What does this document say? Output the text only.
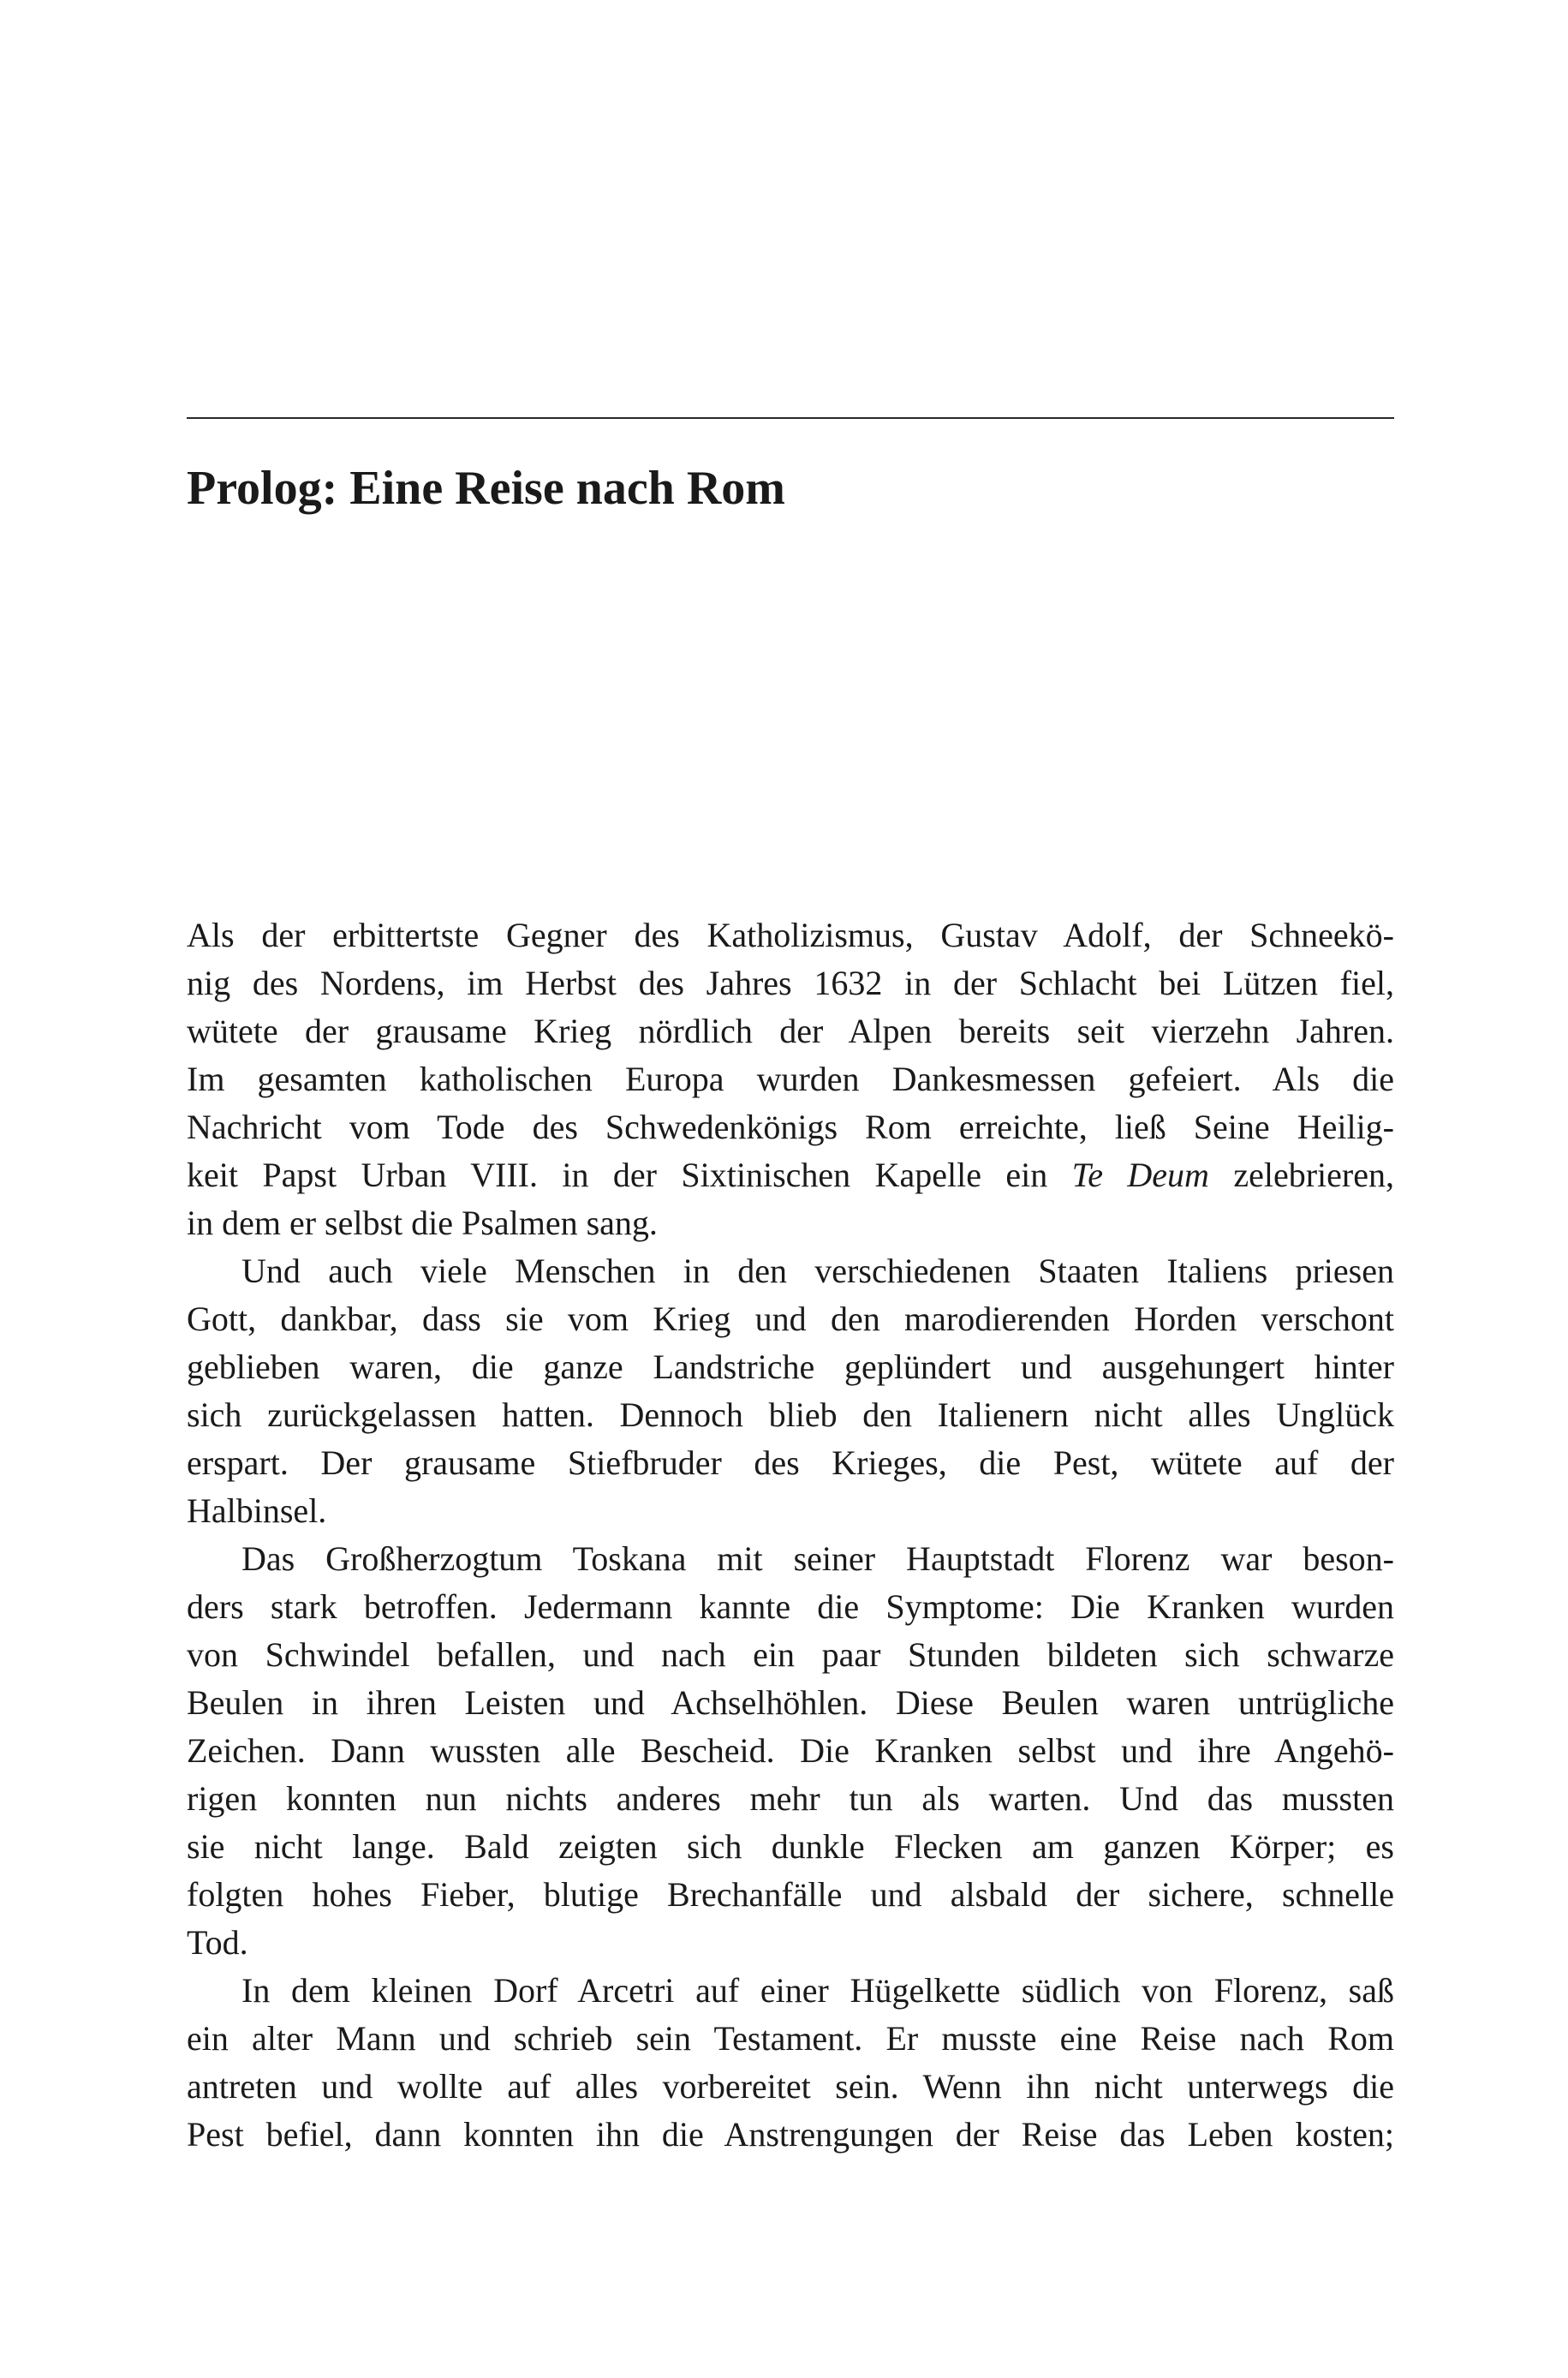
Prolog: Eine Reise nach Rom
Als der erbittertste Gegner des Katholizismus, Gustav Adolf, der Schneekö-
nig des Nordens, im Herbst des Jahres 1632 in der Schlacht bei Lützen fiel,
wütete der grausame Krieg nördlich der Alpen bereits seit vierzehn Jahren.
Im gesamten katholischen Europa wurden Dankesmessen gefeiert. Als die
Nachricht vom Tode des Schwedenkönigs Rom erreichte, ließ Seine Heilig-
keit Papst Urban VIII. in der Sixtinischen Kapelle ein Te Deum zelebrieren,
in dem er selbst die Psalmen sang.
Und auch viele Menschen in den verschiedenen Staaten Italiens priesen
Gott, dankbar, dass sie vom Krieg und den marodierenden Horden verschont
geblieben waren, die ganze Landstriche geplündert und ausgehungert hinter
sich zurückgelassen hatten. Dennoch blieb den Italienern nicht alles Unglück
erspart. Der grausame Stiefbruder des Krieges, die Pest, wütete auf der
Halbinsel.
Das Großherzogtum Toskana mit seiner Hauptstadt Florenz war beson-
ders stark betroffen. Jedermann kannte die Symptome: Die Kranken wurden
von Schwindel befallen, und nach ein paar Stunden bildeten sich schwarze
Beulen in ihren Leisten und Achselhöhlen. Diese Beulen waren untrügliche
Zeichen. Dann wussten alle Bescheid. Die Kranken selbst und ihre Angehö-
rigen konnten nun nichts anderes mehr tun als warten. Und das mussten
sie nicht lange. Bald zeigten sich dunkle Flecken am ganzen Körper; es
folgten hohes Fieber, blutige Brechanfälle und alsbald der sichere, schnelle
Tod.
In dem kleinen Dorf Arcetri auf einer Hügelkette südlich von Florenz, saß
ein alter Mann und schrieb sein Testament. Er musste eine Reise nach Rom
antreten und wollte auf alles vorbereitet sein. Wenn ihn nicht unterwegs die
Pest befiel, dann konnten ihn die Anstrengungen der Reise das Leben kosten;
